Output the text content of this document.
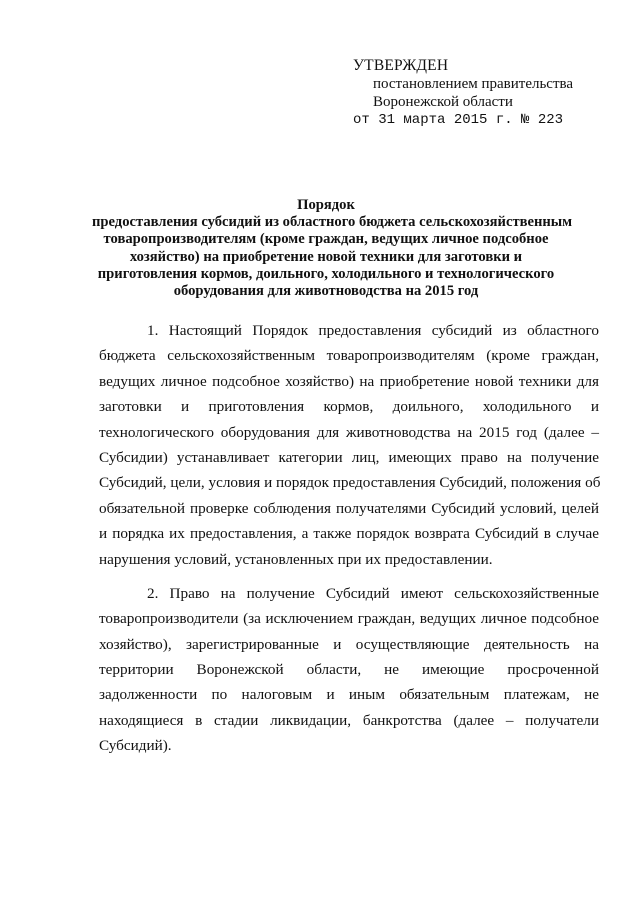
УТВЕРЖДЕН
постановлением правительства
Воронежской области
от 31 марта 2015 г. № 223
Порядок
предоставления субсидий из областного бюджета сельскохозяйственным
товаропроизводителям (кроме граждан, ведущих личное подсобное
хозяйство) на приобретение новой техники для заготовки и
приготовления кормов, доильного, холодильного и технологического
оборудования для животноводства на 2015 год
1. Настоящий Порядок предоставления субсидий из областного
бюджета сельскохозяйственным товаропроизводителям (кроме граждан,
ведущих личное подсобное хозяйство) на приобретение новой техники для
заготовки и приготовления кормов, доильного, холодильного и
технологического оборудования для животноводства на 2015 год (далее –
Субсидии) устанавливает категории лиц, имеющих право на получение
Субсидий, цели, условия и порядок предоставления Субсидий, положения об
обязательной проверке соблюдения получателями Субсидий условий, целей
и порядка их предоставления, а также порядок возврата Субсидий в случае
нарушения условий, установленных при их предоставлении.
2. Право на получение Субсидий имеют сельскохозяйственные
товаропроизводители (за исключением граждан, ведущих личное подсобное
хозяйство), зарегистрированные и осуществляющие деятельность на
территории Воронежской области, не имеющие просроченной
задолженности по налоговым и иным обязательным платежам, не
находящиеся в стадии ликвидации, банкротства (далее – получатели
Субсидий).
